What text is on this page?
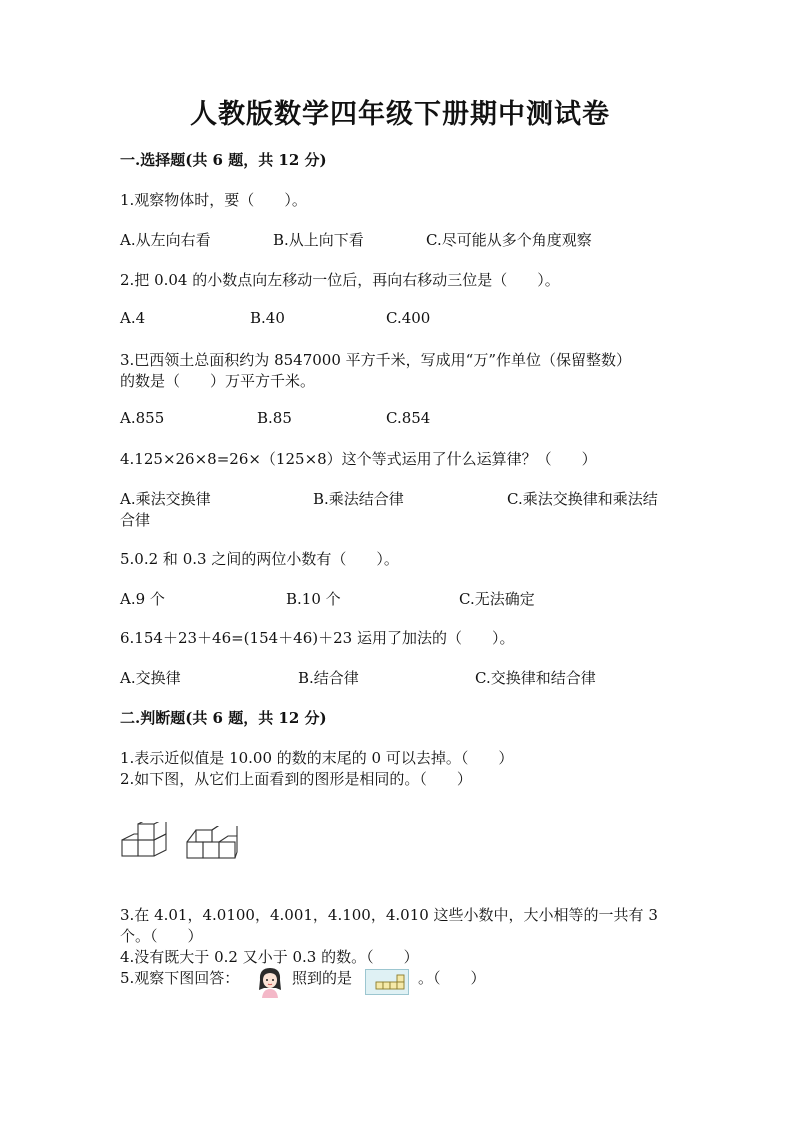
人教版数学四年级下册期中测试卷
一.选择题(共 6 题，共 12 分)
1.观察物体时，要（　　）。
A.从左向右看	B.从上向下看	C.尽可能从多个角度观察
2.把 0.04 的小数点向左移动一位后，再向右移动三位是（　　）。
A.4	B.40	C.400
3.巴西领土总面积约为 8547000 平方千米，写成用“万”作单位（保留整数）
的数是（　　）万平方千米。
A.855	B.85	C.854
4.125×26×8=26×（125×8）这个等式运用了什么运算律？（　　）
A.乘法交换律	B.乘法结合律	C.乘法交换律和乘法结
合律
5.0.2 和 0.3 之间的两位小数有（　　）。
A.9 个	B.10 个	C.无法确定
6.154＋23＋46=(154＋46)＋23 运用了加法的（　　）。
A.交换律	B.结合律	C.交换律和结合律
二.判断题(共 6 题，共 12 分)
1.表示近似值是 10.00 的数的末尾的 0 可以去掉。（　　）
2.如下图，从它们上面看到的图形是相同的。（　　）
3.在 4.01，4.0100，4.001，4.100，4.010 这些小数中，大小相等的一共有 3
个。（　　）
4.没有既大于 0.2 又小于 0.3 的数。（　　）
5.观察下图回答：	照到的是	。（　　）
